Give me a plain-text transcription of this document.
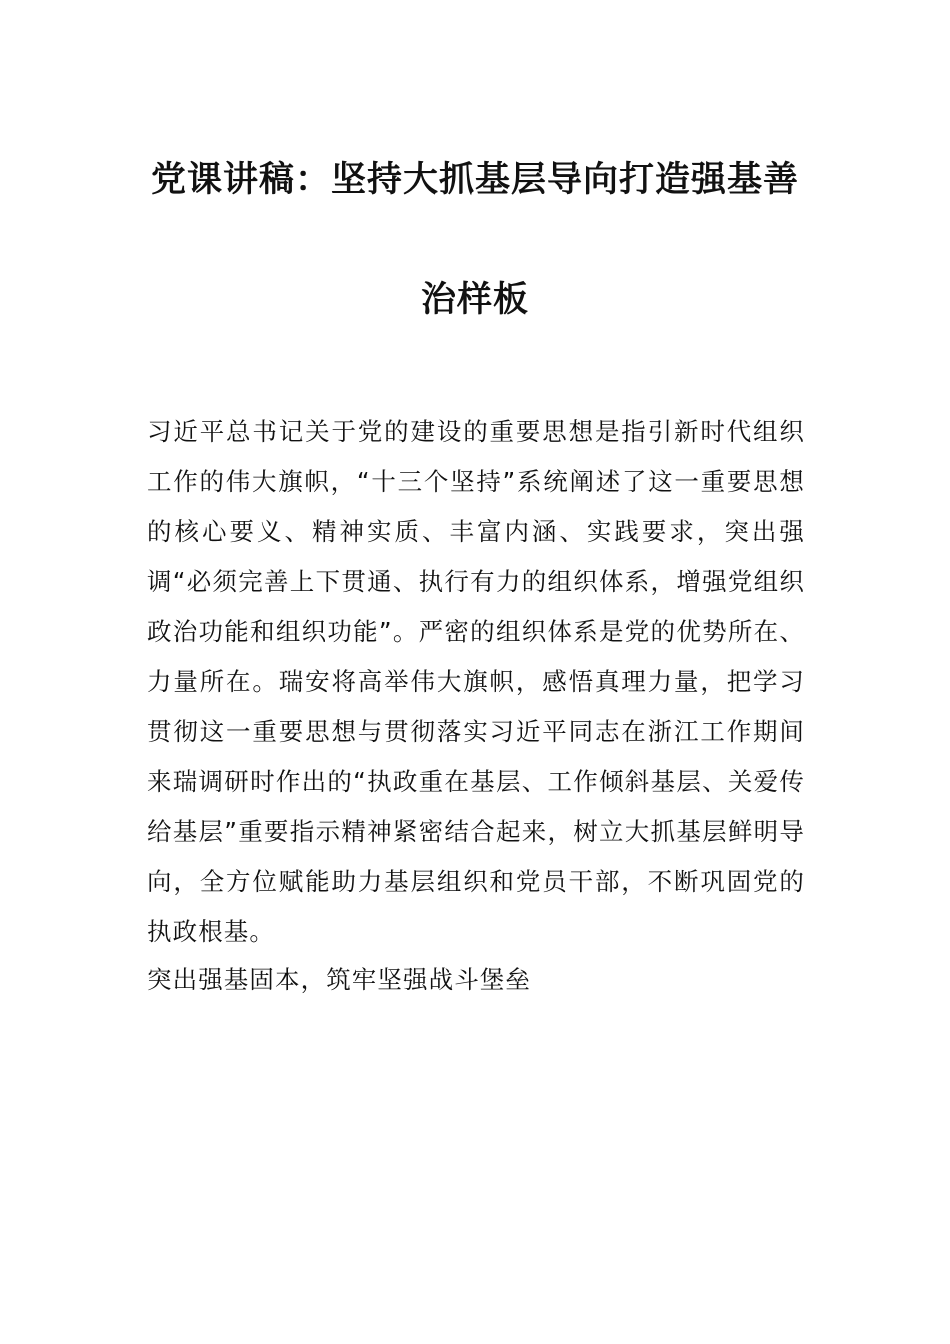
党课讲稿：坚持大抓基层导向打造强基善
治样板

习近平总书记关于党的建设的重要思想是指引新时代组织工作的伟大旗帜，“十三个坚持”系统阐述了这一重要思想的核心要义、精神实质、丰富内涵、实践要求，突出强调“必须完善上下贯通、执行有力的组织体系，增强党组织政治功能和组织功能”。严密的组织体系是党的优势所在、力量所在。瑞安将高举伟大旗帜，感悟真理力量，把学习贯彻这一重要思想与贯彻落实习近平同志在浙江工作期间来瑞调研时作出的“执政重在基层、工作倾斜基层、关爱传给基层”重要指示精神紧密结合起来，树立大抓基层鲜明导向，全方位赋能助力基层组织和党员干部，不断巩固党的执政根基。

突出强基固本，筑牢坚强战斗堡垒
